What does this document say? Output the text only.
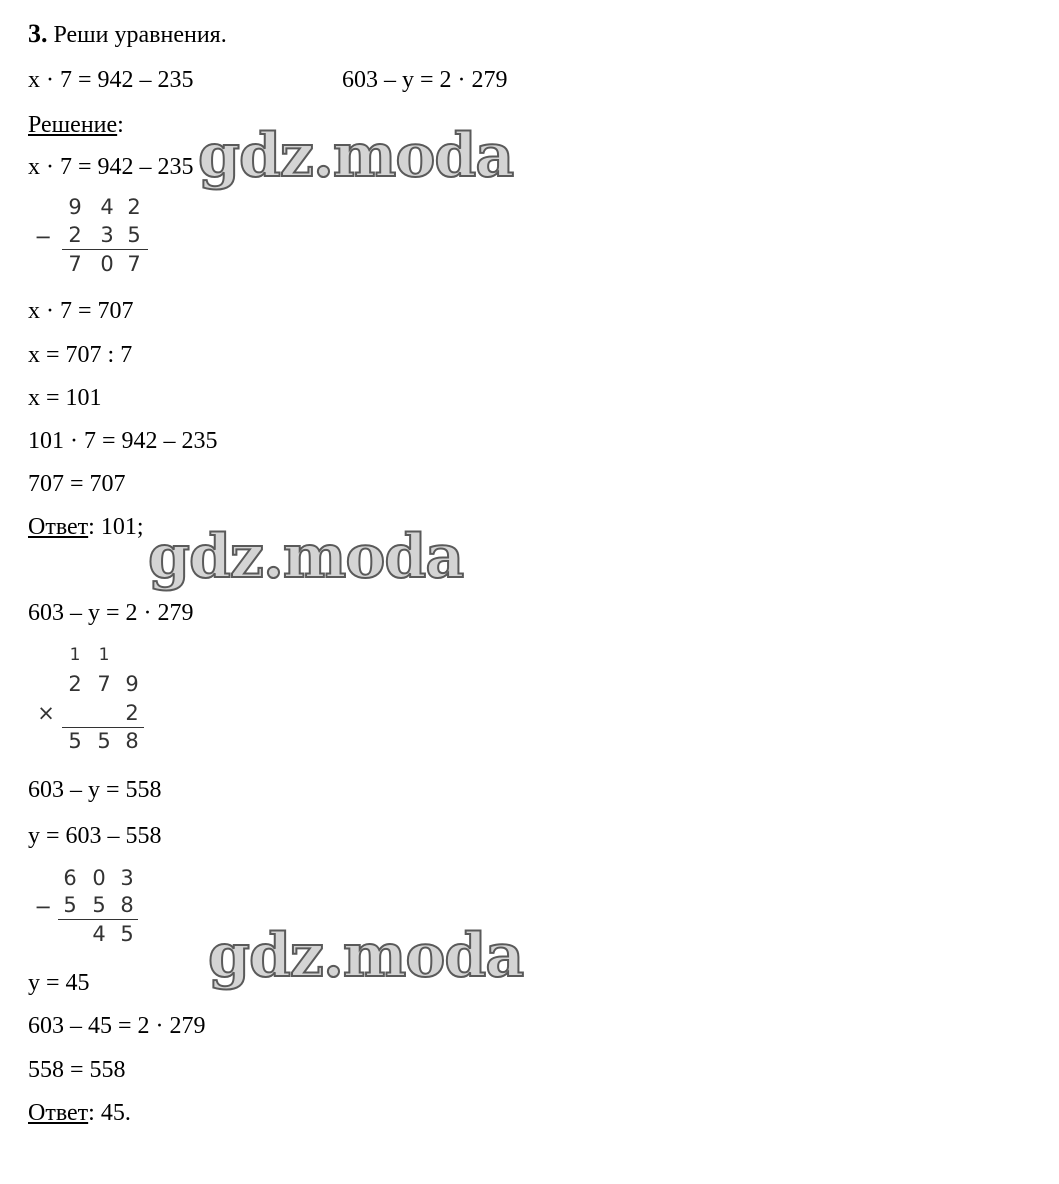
3. Реши уравнения.
x · 7 = 942 – 235	603 – y = 2 · 279
Решение:
x · 7 = 942 – 235
9 4 2
− 2 3 5
7 0 7
x · 7 = 707
x = 707 : 7
x = 101
101 · 7 = 942 – 235
707 = 707
Ответ: 101;
603 – y = 2 · 279
1 1
2 7 9
×	2
5 5 8
603 – y = 558
y = 603 – 558
6 0 3
− 5 5 8
4 5
y = 45
603 – 45 = 2 · 279
558 = 558
Ответ: 45.
gdz.moda
gdz.moda
gdz.moda
